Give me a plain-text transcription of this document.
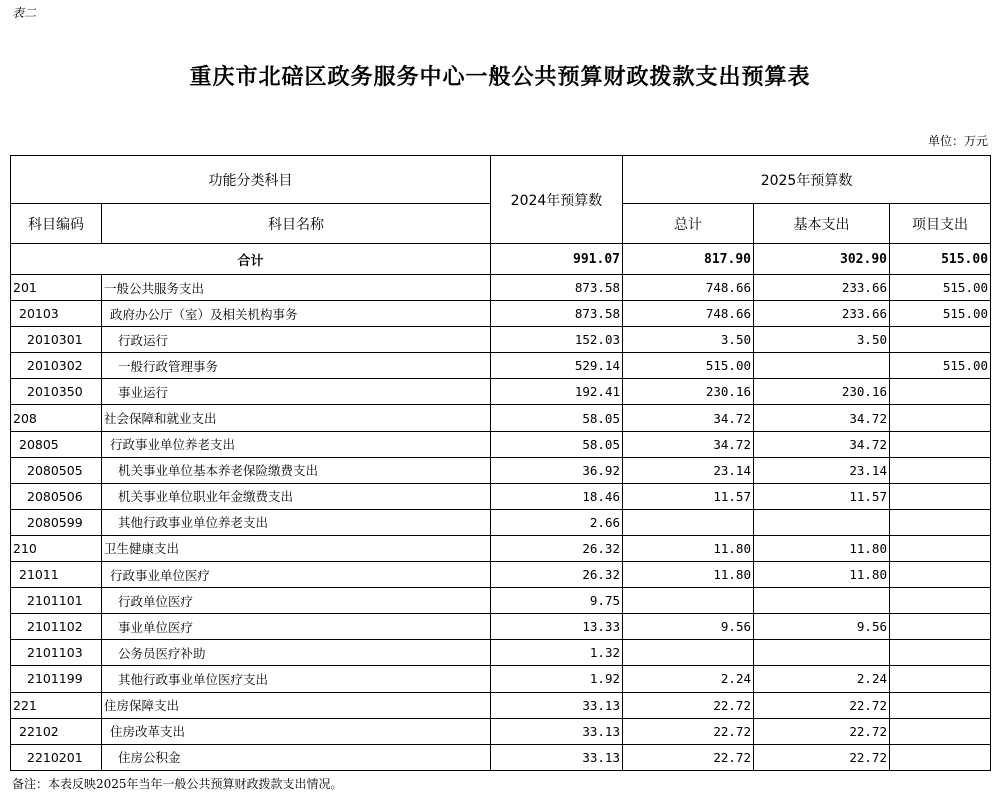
表二
重庆市北碚区政务服务中心一般公共预算财政拨款支出预算表
单位：万元
功能分类科目		2024年预算数	2025年预算数		
科目编码	科目名称		总计	基本支出	项目支出
合计		991.07	817.90	302.90	515.00
201	一般公共服务支出	873.58	748.66	233.66	515.00
20103	政府办公厅（室）及相关机构事务	873.58	748.66	233.66	515.00
2010301	行政运行	152.03	3.50	3.50	
2010302	一般行政管理事务	529.14	515.00		515.00
2010350	事业运行	192.41	230.16	230.16	
208	社会保障和就业支出	58.05	34.72	34.72	
20805	行政事业单位养老支出	58.05	34.72	34.72	
2080505	机关事业单位基本养老保险缴费支出	36.92	23.14	23.14	
2080506	机关事业单位职业年金缴费支出	18.46	11.57	11.57	
2080599	其他行政事业单位养老支出	2.66			
210	卫生健康支出	26.32	11.80	11.80	
21011	行政事业单位医疗	26.32	11.80	11.80	
2101101	行政单位医疗	9.75			
2101102	事业单位医疗	13.33	9.56	9.56	
2101103	公务员医疗补助	1.32			
2101199	其他行政事业单位医疗支出	1.92	2.24	2.24	
221	住房保障支出	33.13	22.72	22.72	
22102	住房改革支出	33.13	22.72	22.72	
2210201	住房公积金	33.13	22.72	22.72	
备注：本表反映2025年当年一般公共预算财政拨款支出情况。
